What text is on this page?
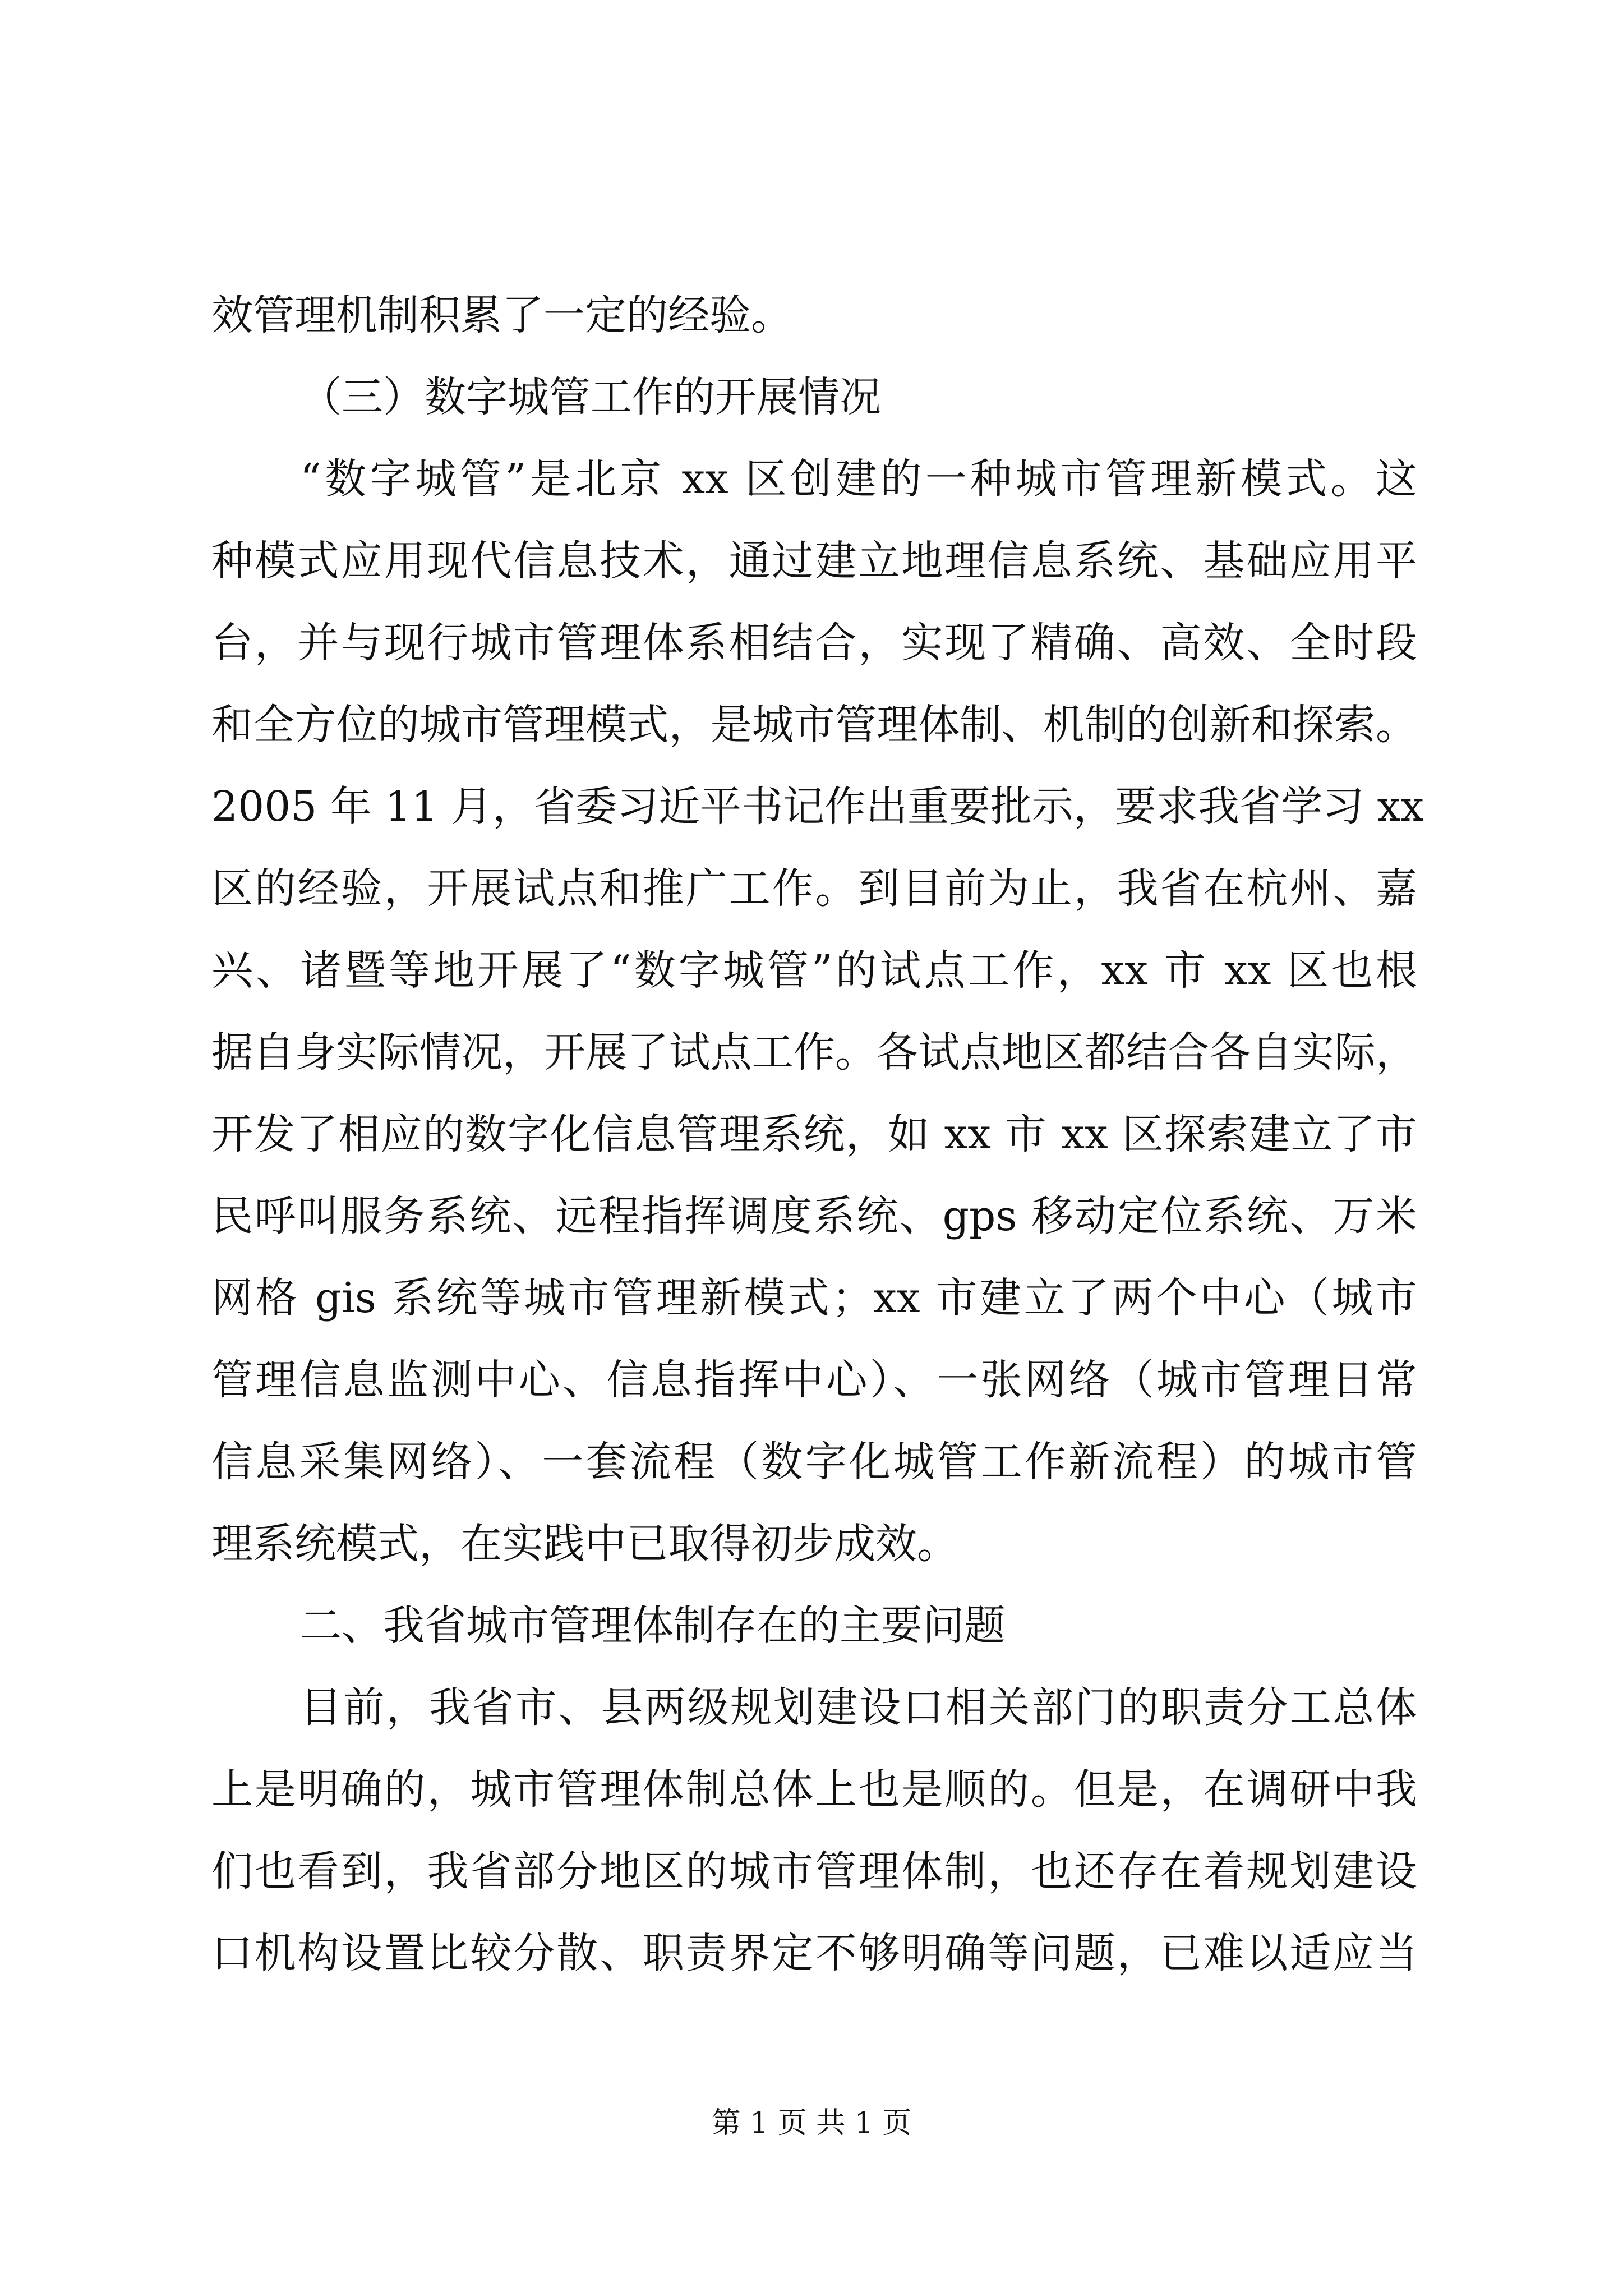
效管理机制积累了一定的经验。
（三）数字城管工作的开展情况
“数字城管”是北京 xx 区创建的一种城市管理新模式。这
种模式应用现代信息技术，通过建立地理信息系统、基础应用平
台，并与现行城市管理体系相结合，实现了精确、高效、全时段
和全方位的城市管理模式，是城市管理体制、机制的创新和探索。
2005 年 11 月，省委习近平书记作出重要批示，要求我省学习 xx
区的经验，开展试点和推广工作。到目前为止，我省在杭州、嘉
兴、诸暨等地开展了“数字城管”的试点工作，xx 市 xx 区也根
据自身实际情况，开展了试点工作。各试点地区都结合各自实际，
开发了相应的数字化信息管理系统，如 xx 市 xx 区探索建立了市
民呼叫服务系统、远程指挥调度系统、gps 移动定位系统、万米
网格 gis 系统等城市管理新模式；xx 市建立了两个中心（城市
管理信息监测中心、信息指挥中心）、一张网络（城市管理日常
信息采集网络）、一套流程（数字化城管工作新流程）的城市管
理系统模式，在实践中已取得初步成效。
二、我省城市管理体制存在的主要问题
目前，我省市、县两级规划建设口相关部门的职责分工总体
上是明确的，城市管理体制总体上也是顺的。但是，在调研中我
们也看到，我省部分地区的城市管理体制，也还存在着规划建设
口机构设置比较分散、职责界定不够明确等问题，已难以适应当
第 1 页 共 1 页
